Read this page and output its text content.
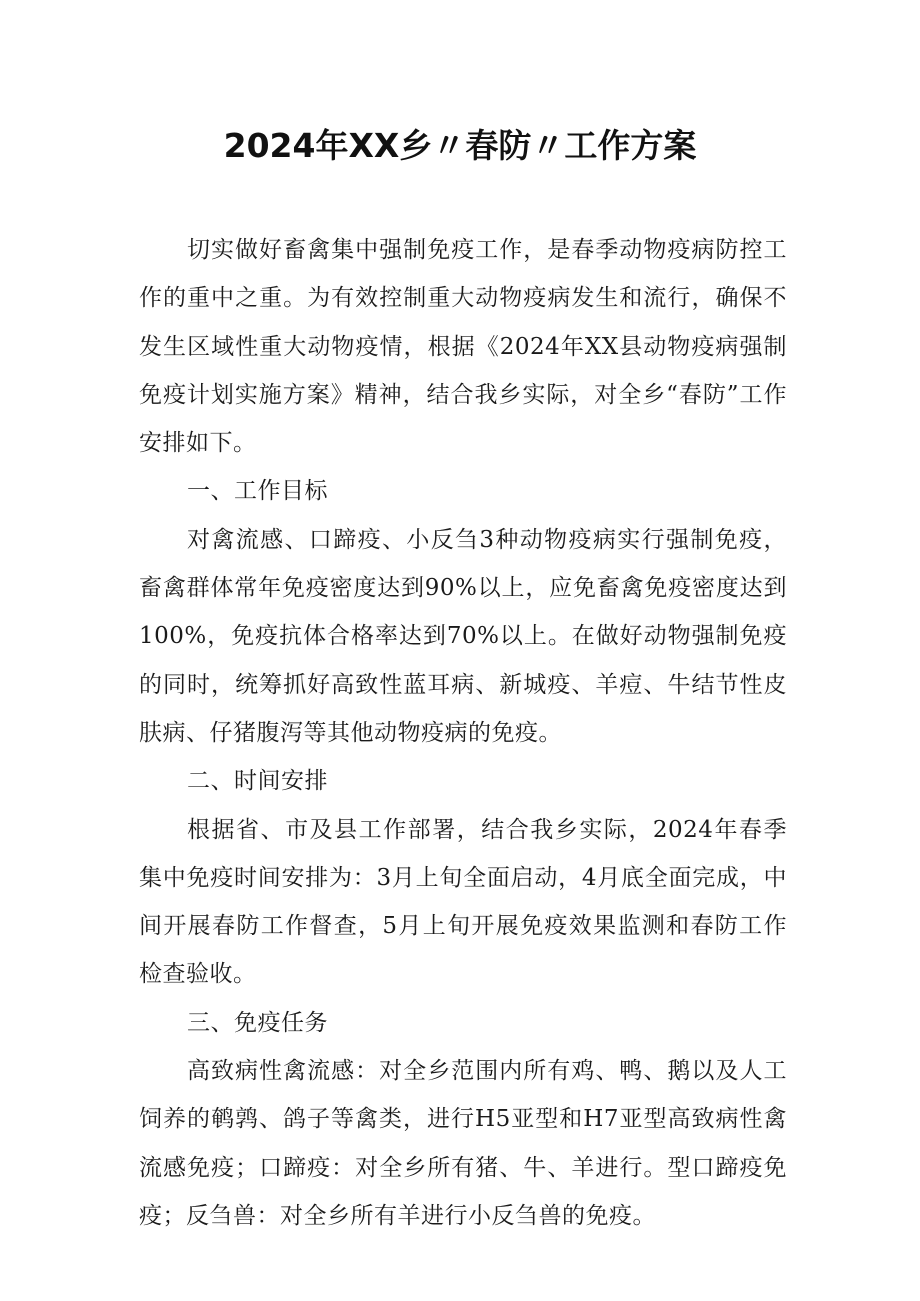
2024年XX乡〃春防〃工作方案

切实做好畜禽集中强制免疫工作，是春季动物疫病防控工作的重中之重。为有效控制重大动物疫病发生和流行，确保不发生区域性重大动物疫情，根据《2024年XX县动物疫病强制免疫计划实施方案》精神，结合我乡实际，对全乡“春防”工作安排如下。

一、工作目标

对禽流感、口蹄疫、小反刍3种动物疫病实行强制免疫，畜禽群体常年免疫密度达到90%以上，应免畜禽免疫密度达到100%，免疫抗体合格率达到70%以上。在做好动物强制免疫的同时，统筹抓好高致性蓝耳病、新城疫、羊痘、牛结节性皮肤病、仔猪腹泻等其他动物疫病的免疫。

二、时间安排

根据省、市及县工作部署，结合我乡实际，2024年春季集中免疫时间安排为：3月上旬全面启动，4月底全面完成，中间开展春防工作督查，5月上旬开展免疫效果监测和春防工作检查验收。

三、免疫任务

高致病性禽流感：对全乡范围内所有鸡、鸭、鹅以及人工饲养的鹌鹑、鸽子等禽类，进行H5亚型和H7亚型高致病性禽流感免疫；口蹄疫：对全乡所有猪、牛、羊进行。型口蹄疫免疫；反刍兽：对全乡所有羊进行小反刍兽的免疫。
